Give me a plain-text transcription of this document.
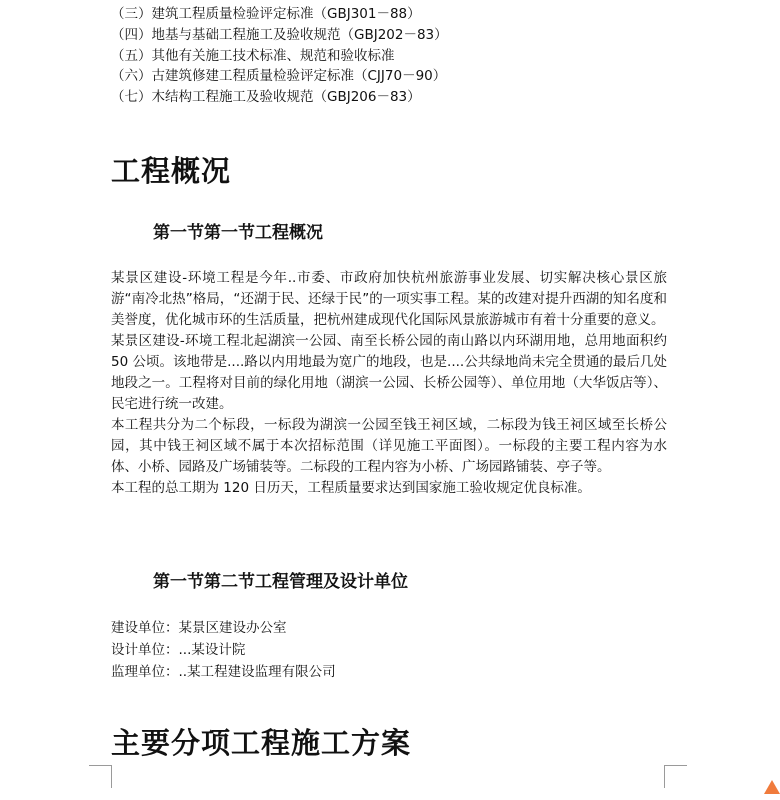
（三）建筑工程质量检验评定标准（GBJ301－88）
（四）地基与基础工程施工及验收规范（GBJ202－83）
（五）其他有关施工技术标准、规范和验收标准
（六）古建筑修建工程质量检验评定标准（CJJ70－90）
（七）木结构工程施工及验收规范（GBJ206－83）
工程概况
第一节第一节工程概况

某景区建设-环境工程是今年..市委、市政府加快杭州旅游事业发展、切实解决核心景区旅游“南冷北热”格局，“还湖于民、还绿于民”的一项实事工程。某的改建对提升西湖的知名度和美誉度，优化城市环的生活质量，把杭州建成现代化国际风景旅游城市有着十分重要的意义。

某景区建设-环境工程北起湖滨一公园、南至长桥公园的南山路以内环湖用地，总用地面积约 50 公顷。该地带是....路以内用地最为宽广的地段，也是....公共绿地尚未完全贯通的最后几处地段之一。工程将对目前的绿化用地（湖滨一公园、长桥公园等）、单位用地（大华饭店等）、民宅进行统一改建。

本工程共分为二个标段，一标段为湖滨一公园至钱王祠区域，二标段为钱王祠区域至长桥公园，其中钱王祠区域不属于本次招标范围（详见施工平面图）。一标段的主要工程内容为水体、小桥、园路及广场铺装等。二标段的工程内容为小桥、广场园路铺装、亭子等。

本工程的总工期为 120 日历天，工程质量要求达到国家施工验收规定优良标准。

第一节第二节工程管理及设计单位
建设单位：某景区建设办公室
设计单位：...某设计院
监理单位：..某工程建设监理有限公司
主要分项工程施工方案
